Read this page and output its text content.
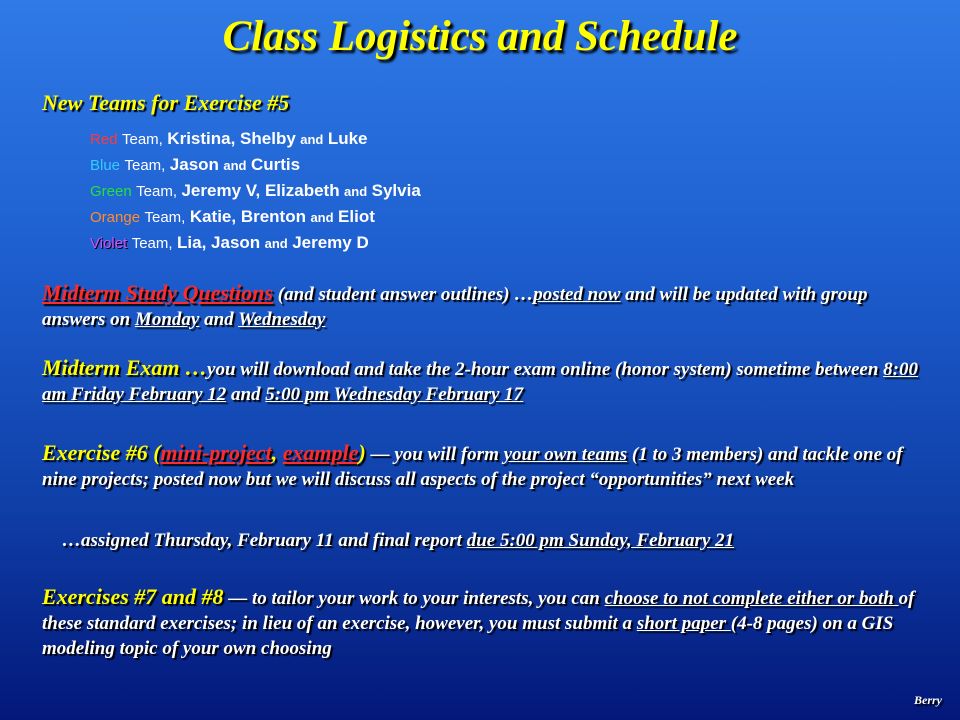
Class Logistics and Schedule
New Teams for Exercise #5
Red Team, Kristina, Shelby and Luke
Blue Team, Jason and Curtis
Green Team, Jeremy V, Elizabeth and Sylvia
Orange Team, Katie, Brenton and Eliot
Violet Team, Lia, Jason and Jeremy D
Midterm Study Questions (and student answer outlines) …posted now and will be updated with group answers on Monday and Wednesday
Midterm Exam …you will download and take the 2-hour exam online (honor system) sometime between 8:00 am Friday February 12 and 5:00 pm Wednesday February 17
Exercise #6 (mini-project, example) — you will form your own teams (1 to 3 members) and tackle one of nine projects; posted now but we will discuss all aspects of the project “opportunities” next week
…assigned Thursday, February 11 and final report due 5:00 pm Sunday, February 21
Exercises #7 and #8 — to tailor your work to your interests, you can choose to not complete either or both of these standard exercises; in lieu of an exercise, however, you must submit a short paper (4-8 pages) on a GIS modeling topic of your own choosing
Berry
